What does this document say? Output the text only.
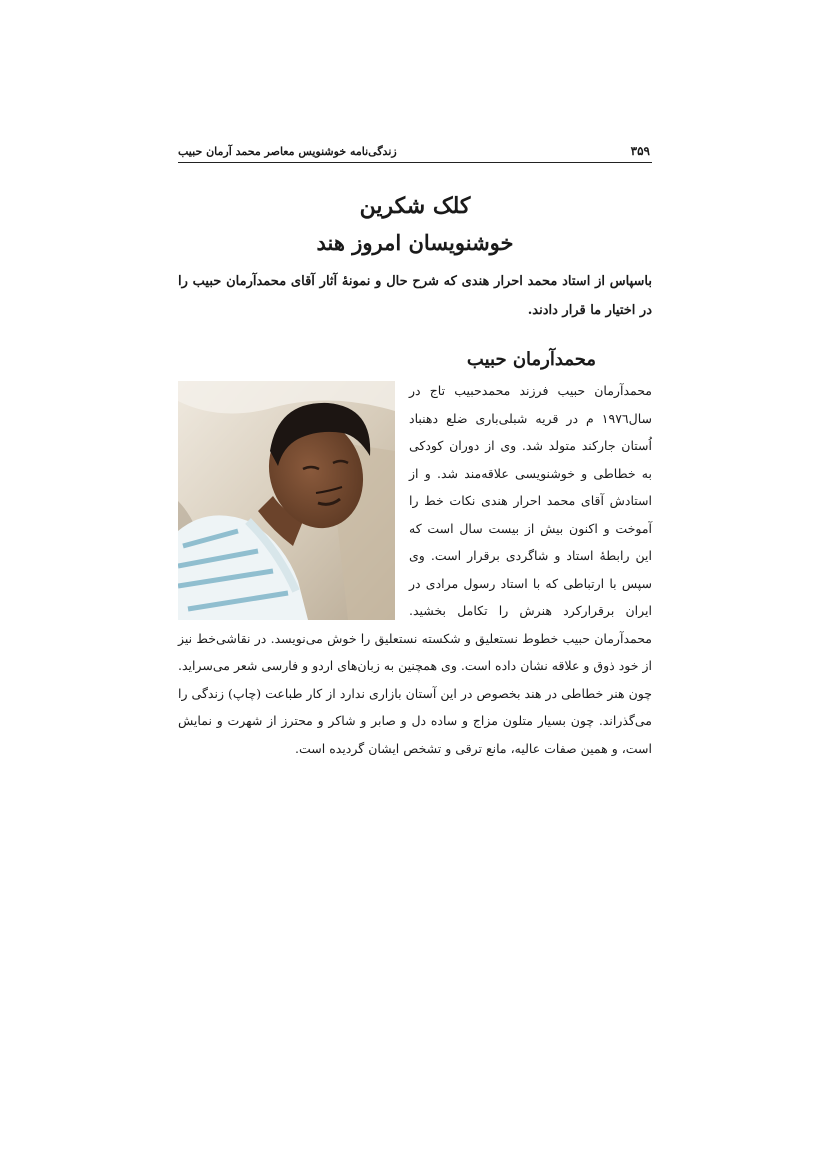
۳۵۹
زندگی‌نامه خوشنویس معاصر محمد آرمان حبیب
کلک شکرین
خوشنویسان امروز هند
باسپاس از استاد محمد احرار هندی که شرح حال و نمونهٔ آثار آقای محمدآرمان حبیب را در اختیار ما قرار دادند.
محمدآرمان حبیب
محمدآرمان حبیب فرزند محمدحبیب تاج در سال۱۹۷٦ م در قریه شبلی‌باری ضلع دهنباد اُستان جارکند متولد شد. وی از دوران کودکی به خطاطی و خوشنویسی علاقه‌مند شد. و از استادش آقای محمد احرار هندی نکات خط را آموخت و اکنون بیش از بیست سال است که این رابطهٔ استاد و شاگردی برقرار است. وی سپس با ارتباطی که با استاد رسول مرادی در ایران برقرارکرد هنرش را تکامل بخشید. محمدآرمان حبیب خطوط نستعلیق و شکسته نستعلیق را خوش می‌نویسد. در نقاشی‌خط نیز از خود ذوق و علاقه نشان داده است. وی همچنین به زبان‌های اردو و فارسی شعر می‌سراید. چون هنر خطاطی در هند بخصوص در این آستان بازاری ندارد از کار طباعت (چاپ) زندگی را می‌گذراند. چون بسیار متلون مزاج و ساده دل و صابر و شاکر و محترز از شهرت و نمایش است، و همین صفات عالیه، مانع ترقی و تشخص ایشان گردیده است.
